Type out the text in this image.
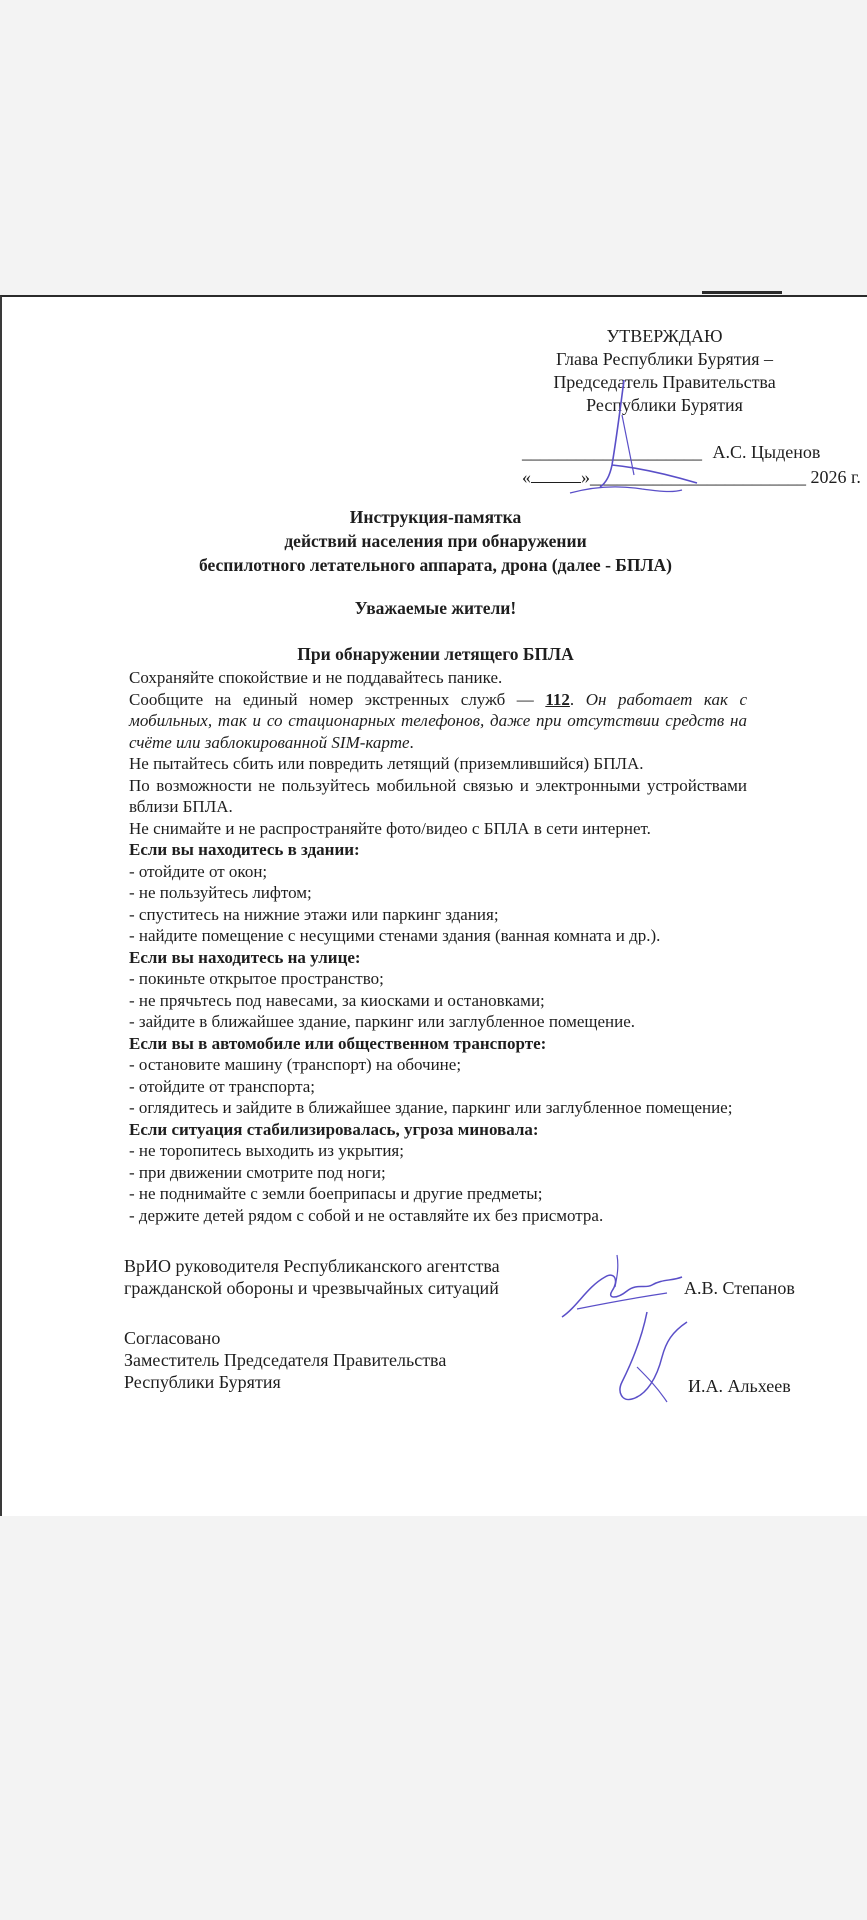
УТВЕРЖДАЮ
Глава Республики Бурятия –
Председатель Правительства
Республики Бурятия
____________________ А.С. Цыденов
«	»________________________ 2026 г.
Инструкция-памятка
действий населения при обнаружении
беспилотного летательного аппарата, дрона (далее - БПЛА)
Уважаемые жители!
При обнаружении летящего БПЛА

Сохраняйте спокойствие и не поддавайтесь панике.

Сообщите на единый номер экстренных служб — 112. Он работает как с мобильных, так и со стационарных телефонов, даже при отсутствии средств на счёте или заблокированной SIM-карте.

Не пытайтесь сбить или повредить летящий (приземлившийся) БПЛА.

По возможности не пользуйтесь мобильной связью и электронными устройствами вблизи БПЛА.

Не снимайте и не распространяйте фото/видео с БПЛА в сети интернет.

Если вы находитесь в здании:

- отойдите от окон;

- не пользуйтесь лифтом;

- спуститесь на нижние этажи или паркинг здания;

- найдите помещение с несущими стенами здания (ванная комната и др.).

Если вы находитесь на улице:

- покиньте открытое пространство;

- не прячьтесь под навесами, за киосками и остановками;

- зайдите в ближайшее здание, паркинг или заглубленное помещение.

Если вы в автомобиле или общественном транспорте:

- остановите машину (транспорт) на обочине;

- отойдите от транспорта;

- оглядитесь и зайдите в ближайшее здание, паркинг или заглубленное помещение;

Если ситуация стабилизировалась, угроза миновала:

- не торопитесь выходить из укрытия;

- при движении смотрите под ноги;

- не поднимайте с земли боеприпасы и другие предметы;

- держите детей рядом с собой и не оставляйте их без присмотра.

ВрИО руководителя Республиканского агентства
гражданской обороны и чрезвычайных ситуаций	А.В. Степанов
Согласовано
Заместитель Председателя Правительства
Республики Бурятия	И.А. Альхеев
